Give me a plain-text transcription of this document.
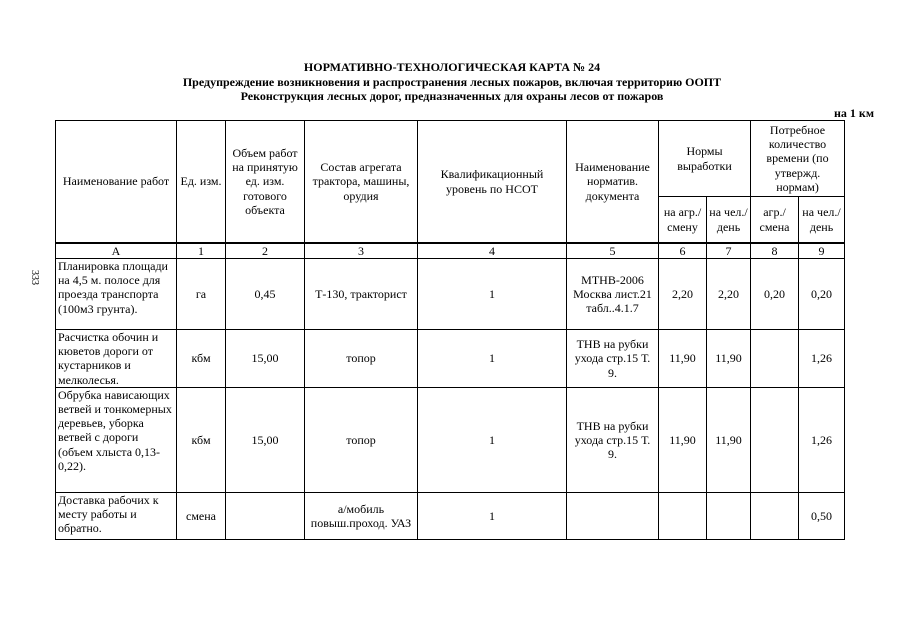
НОРМАТИВНО-ТЕХНОЛОГИЧЕСКАЯ КАРТА № 24
Предупреждение возникновения и распространения лесных пожаров, включая территорию ООПТ
Реконструкция лесных дорог, предназначенных для охраны лесов от пожаров
на 1 км
333
Наименование работ	Ед. изм.	Объем работ на принятую ед. изм. готового объекта	Состав агрегата трактора, машины, орудия	Квалификационный уровень по НСОТ	Наименование норматив. документа	Нормы выработки		Потребное количество времени (по утвержд. нормам)	
						на агр./ смену	на чел./ день	агр./ смена	на чел./ день
А	1	2	3	4	5	6	7	8	9
Планировка площади на 4,5 м. полосе для проезда транспорта (100м3 грунта).	га	0,45	Т-130, тракторист	1	МТНВ-2006 Москва лист.21 табл..4.1.7	2,20	2,20	0,20	0,20
Расчистка обочин и кюветов дороги от кустарников и мелколесья.	кбм	15,00	топор	1	ТНВ на рубки ухода стр.15 Т. 9.	11,90	11,90		1,26
Обрубка нависающих ветвей и тонкомерных деревьев, уборка ветвей с дороги (объем хлыста 0,13-0,22).	кбм	15,00	топор	1	ТНВ на рубки ухода стр.15 Т. 9.	11,90	11,90		1,26
Доставка рабочих к месту работы и обратно.	смена		а/мобиль повыш.проход. УАЗ	1					0,50
